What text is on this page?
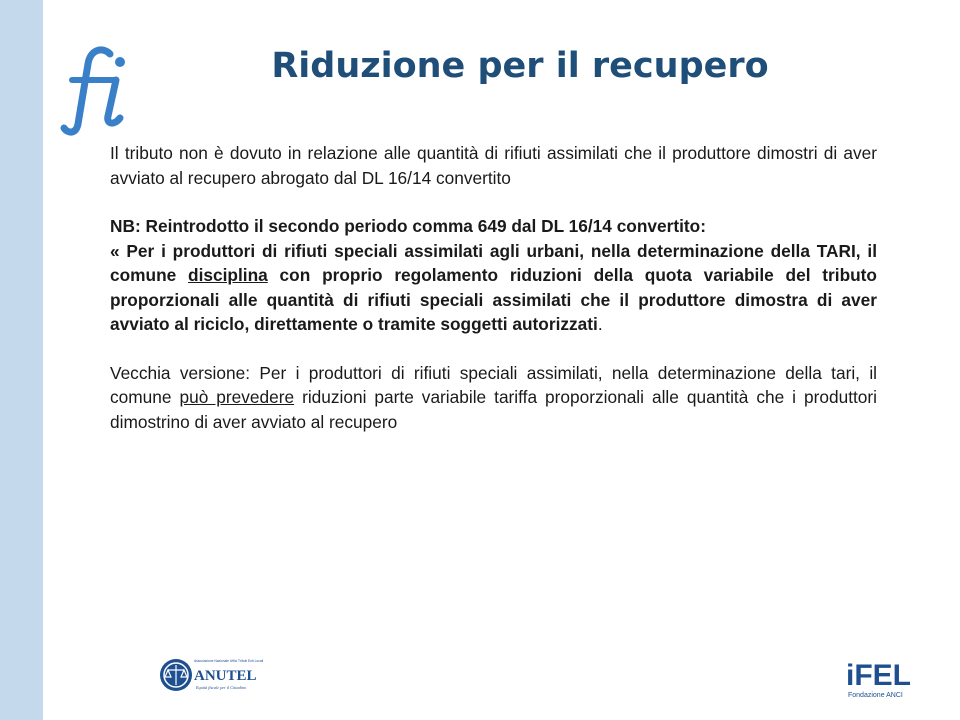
Riduzione per il recupero

Il tributo non è dovuto in relazione alle quantità di rifiuti assimilati che il produttore dimostri di aver avviato al recupero abrogato dal DL 16/14 convertito

NB: Reintrodotto il secondo periodo comma 649 dal DL 16/14 convertito:

« Per i produttori di rifiuti speciali assimilati agli urbani, nella determinazione della TARI, il comune disciplina con proprio regolamento riduzioni della quota variabile del tributo proporzionali alle quantità di rifiuti speciali assimilati che il produttore dimostra di aver avviato al riciclo, direttamente o tramite soggetti autorizzati.

Vecchia versione: Per i produttori di rifiuti speciali assimilati, nella determinazione della tari, il comune può prevedere riduzioni parte variabile tariffa proporzionali alle quantità che i produttori dimostrino di aver avviato al recupero

Associazione Nazionale Uffici Tributi Enti Locali
ANUTEL
Equità fiscale per il Cittadino	iFEL
Fondazione ANCI
